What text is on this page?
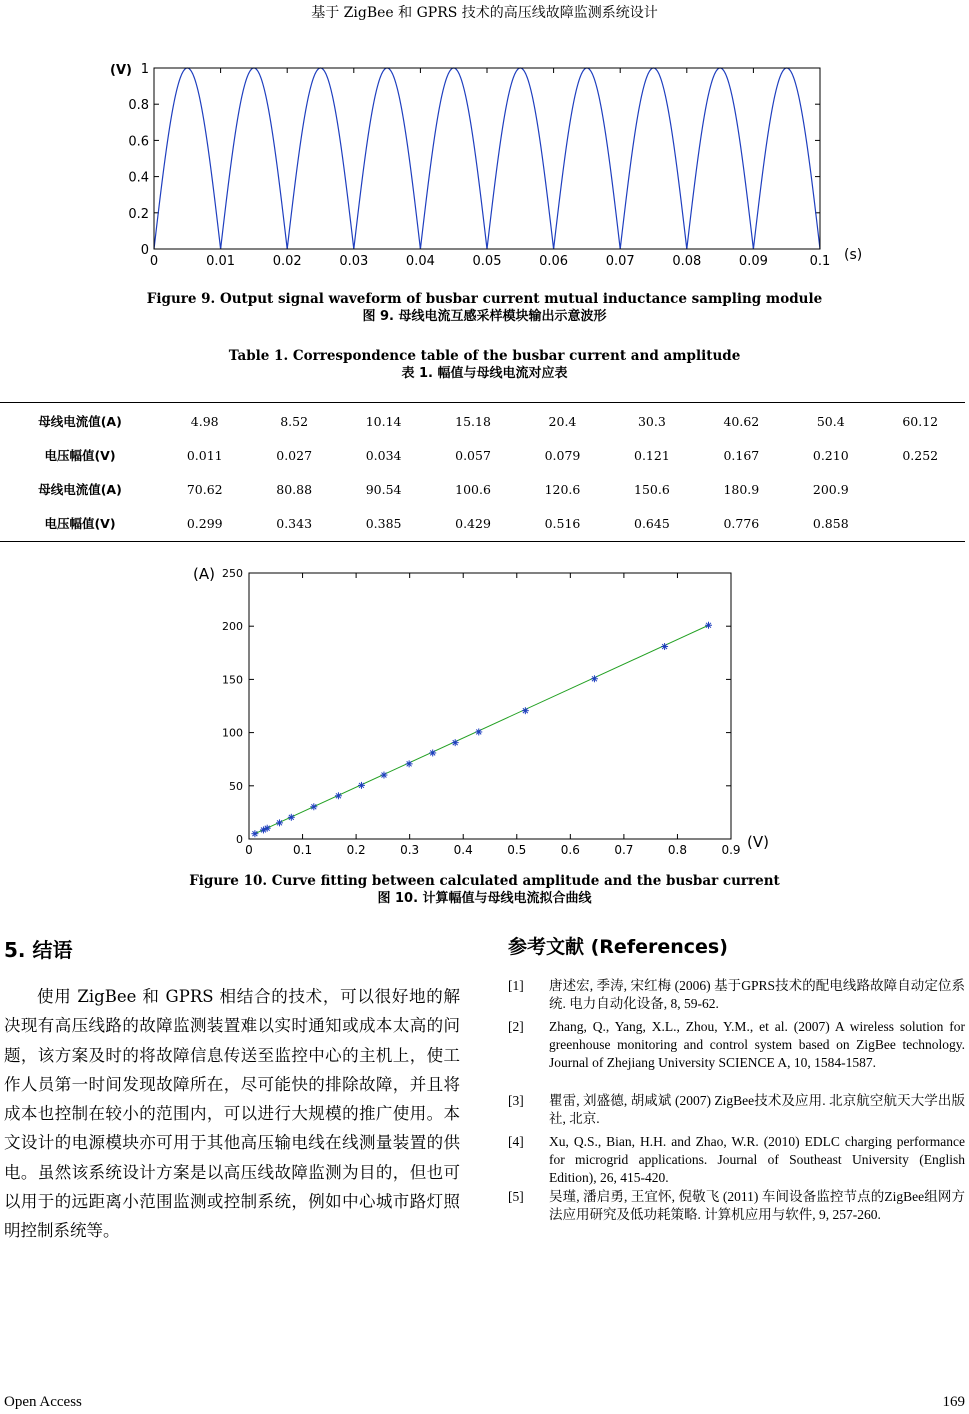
基于 ZigBee 和 GPRS 技术的高压线故障监测系统设计
0	0.01	0.02	0.03	0.04	0.05	0.06	0.07	0.08	0.09	0.1
0
0.2
0.4
0.6
0.8
1
(V)
(s)
Figure 9. Output signal waveform of busbar current mutual inductance sampling module
图 9. 母线电流互感采样模块输出示意波形
Table 1. Correspondence table of the busbar current and amplitude
表 1. 幅值与母线电流对应表
母线电流值(A)	4.98	8.52	10.14	15.18	20.4	30.3	40.62	50.4	60.12
电压幅值(V)	0.011	0.027	0.034	0.057	0.079	0.121	0.167	0.210	0.252
母线电流值(A)	70.62	80.88	90.54	100.6	120.6	150.6	180.9	200.9	
电压幅值(V)	0.299	0.343	0.385	0.429	0.516	0.645	0.776	0.858	
0	0.1	0.2	0.3	0.4	0.5	0.6	0.7	0.8	0.9
0
50
100
150
200
250
(A)
(V)
Figure 10. Curve fitting between calculated amplitude and the busbar current
图 10. 计算幅值与母线电流拟合曲线
5. 结语
使用 ZigBee 和 GPRS 相结合的技术，可以很好地的解决现有高压线路的故障监测装置难以实时通知或成本太高的问题，该方案及时的将故障信息传送至监控中心的主机上，使工作人员第一时间发现故障所在，尽可能快的排除故障，并且将成本也控制在较小的范围内，可以进行大规模的推广使用。本文设计的电源模块亦可用于其他高压输电线在线测量装置的供电。虽然该系统设计方案是以高压线故障监测为目的，但也可以用于的远距离小范围监测或控制系统，例如中心城市路灯照明控制系统等。
参考文献 (References)
[1] 唐述宏, 季涛, 宋红梅 (2006) 基于GPRS技术的配电线路故障自动定位系统. 电力自动化设备, 8, 59-62.
[2] Zhang, Q., Yang, X.L., Zhou, Y.M., et al. (2007) A wireless solution for greenhouse monitoring and control system based on ZigBee technology. Journal of Zhejiang University SCIENCE A, 10, 1584-1587.
[3] 瞿雷, 刘盛德, 胡咸斌 (2007) ZigBee技术及应用. 北京航空航天大学出版社, 北京.
[4] Xu, Q.S., Bian, H.H. and Zhao, W.R. (2010) EDLC charging performance for microgrid applications. Journal of Southeast University (English Edition), 26, 415-420.
[5] 吴瑾, 潘启勇, 王宜怀, 倪敬飞 (2011) 车间设备监控节点的ZigBee组网方法应用研究及低功耗策略. 计算机应用与软件, 9, 257-260.
Open Access	169
